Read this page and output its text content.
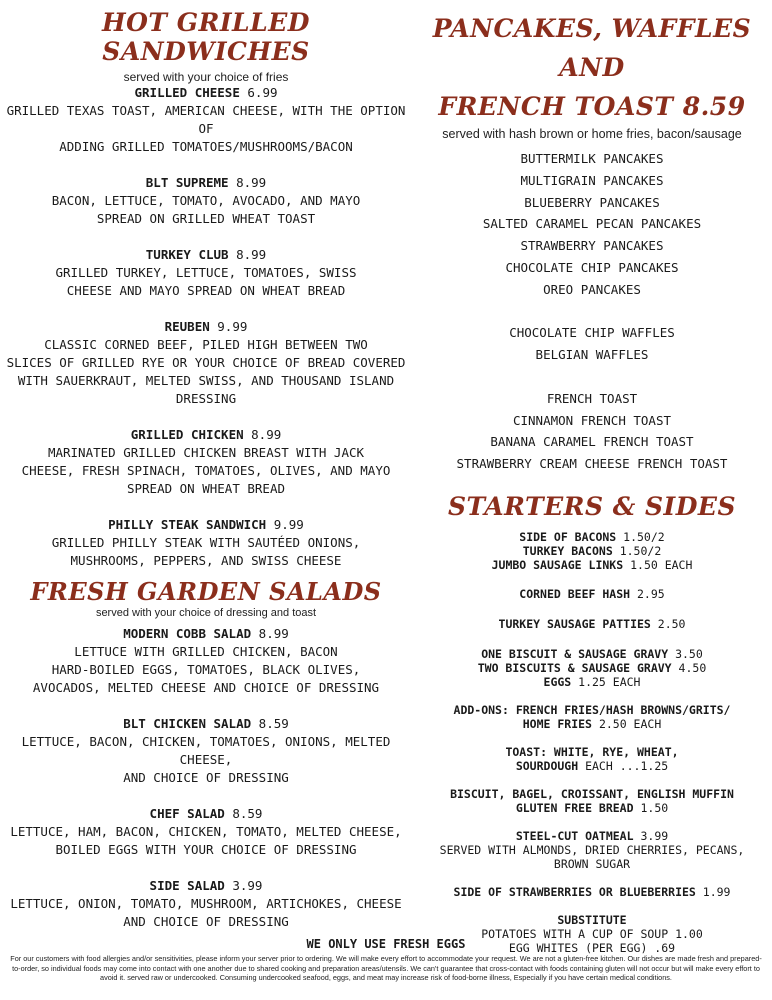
HOT GRILLED SANDWICHES
served with your choice of fries
GRILLED CHEESE 6.99
GRILLED TEXAS TOAST, AMERICAN CHEESE, WITH THE OPTION OF
ADDING GRILLED TOMATOES/MUSHROOMS/BACON
BLT SUPREME 8.99
BACON, LETTUCE, TOMATO, AVOCADO, AND MAYO
SPREAD ON GRILLED WHEAT TOAST
TURKEY CLUB 8.99
GRILLED TURKEY, LETTUCE, TOMATOES, SWISS
CHEESE AND MAYO SPREAD ON WHEAT BREAD
REUBEN 9.99
CLASSIC CORNED BEEF, PILED HIGH BETWEEN TWO
SLICES OF GRILLED RYE OR YOUR CHOICE OF BREAD COVERED
WITH SAUERKRAUT, MELTED SWISS, AND THOUSAND ISLAND
DRESSING
GRILLED CHICKEN 8.99
MARINATED GRILLED CHICKEN BREAST WITH JACK
CHEESE, FRESH SPINACH, TOMATOES, OLIVES, AND MAYO
SPREAD ON WHEAT BREAD
PHILLY STEAK SANDWICH 9.99
GRILLED PHILLY STEAK WITH SAUTÉED ONIONS,
MUSHROOMS, PEPPERS, AND SWISS CHEESE
FRESH GARDEN SALADS
served with your choice of dressing and toast
MODERN COBB SALAD 8.99
LETTUCE WITH GRILLED CHICKEN, BACON
HARD-BOILED EGGS, TOMATOES, BLACK OLIVES,
AVOCADOS, MELTED CHEESE AND CHOICE OF DRESSING
BLT CHICKEN SALAD 8.59
LETTUCE, BACON, CHICKEN, TOMATOES, ONIONS, MELTED CHEESE,
AND CHOICE OF DRESSING
CHEF SALAD 8.59
LETTUCE, HAM, BACON, CHICKEN, TOMATO, MELTED CHEESE,
BOILED EGGS WITH YOUR CHOICE OF DRESSING
SIDE SALAD 3.99
LETTUCE, ONION, TOMATO, MUSHROOM, ARTICHOKES, CHEESE
AND CHOICE OF DRESSING
PANCAKES, WAFFLES AND
FRENCH TOAST 8.59
served with hash brown or home fries, bacon/sausage
BUTTERMILK PANCAKES
MULTIGRAIN PANCAKES
BLUEBERRY PANCAKES
SALTED CARAMEL PECAN PANCAKES
STRAWBERRY PANCAKES
CHOCOLATE CHIP PANCAKES
OREO PANCAKES
CHOCOLATE CHIP WAFFLES
BELGIAN WAFFLES
FRENCH TOAST
CINNAMON FRENCH TOAST
BANANA CARAMEL FRENCH TOAST
STRAWBERRY CREAM CHEESE FRENCH TOAST
STARTERS & SIDES
SIDE OF BACONS 1.50/2
TURKEY BACONS 1.50/2
JUMBO SAUSAGE LINKS 1.50 EACH
CORNED BEEF HASH 2.95
TURKEY SAUSAGE PATTIES 2.50
ONE BISCUIT & SAUSAGE GRAVY 3.50
TWO BISCUITS & SAUSAGE GRAVY 4.50
EGGS 1.25 EACH
ADD-ONS: FRENCH FRIES/HASH BROWNS/GRITS/
HOME FRIES 2.50 EACH
TOAST: WHITE, RYE, WHEAT,
SOURDOUGH EACH ...1.25
BISCUIT, BAGEL, CROISSANT, ENGLISH MUFFIN
GLUTEN FREE BREAD 1.50
STEEL-CUT OATMEAL 3.99
SERVED WITH ALMONDS, DRIED CHERRIES, PECANS,
BROWN SUGAR
SIDE OF STRAWBERRIES OR BLUEBERRIES 1.99
SUBSTITUTE
POTATOES WITH A CUP OF SOUP 1.00
EGG WHITES (PER EGG) .69
WE ONLY USE FRESH EGGS
For our customers with food allergies and/or sensitivities, please inform your server prior to ordering. We will make every effort to accommodate your request. We are not a gluten-free kitchen. Our dishes are made fresh and prepared-to-order, so individual foods may come into contact with one another due to shared cooking and preparation areas/utensils. We can't guarantee that cross-contact with foods containing gluten will not occur but will make every effort to avoid it. served raw or undercooked. Consuming undercooked seafood, eggs, and meat may increase risk of food-borne illness, Especially if you have certain medical conditions.
